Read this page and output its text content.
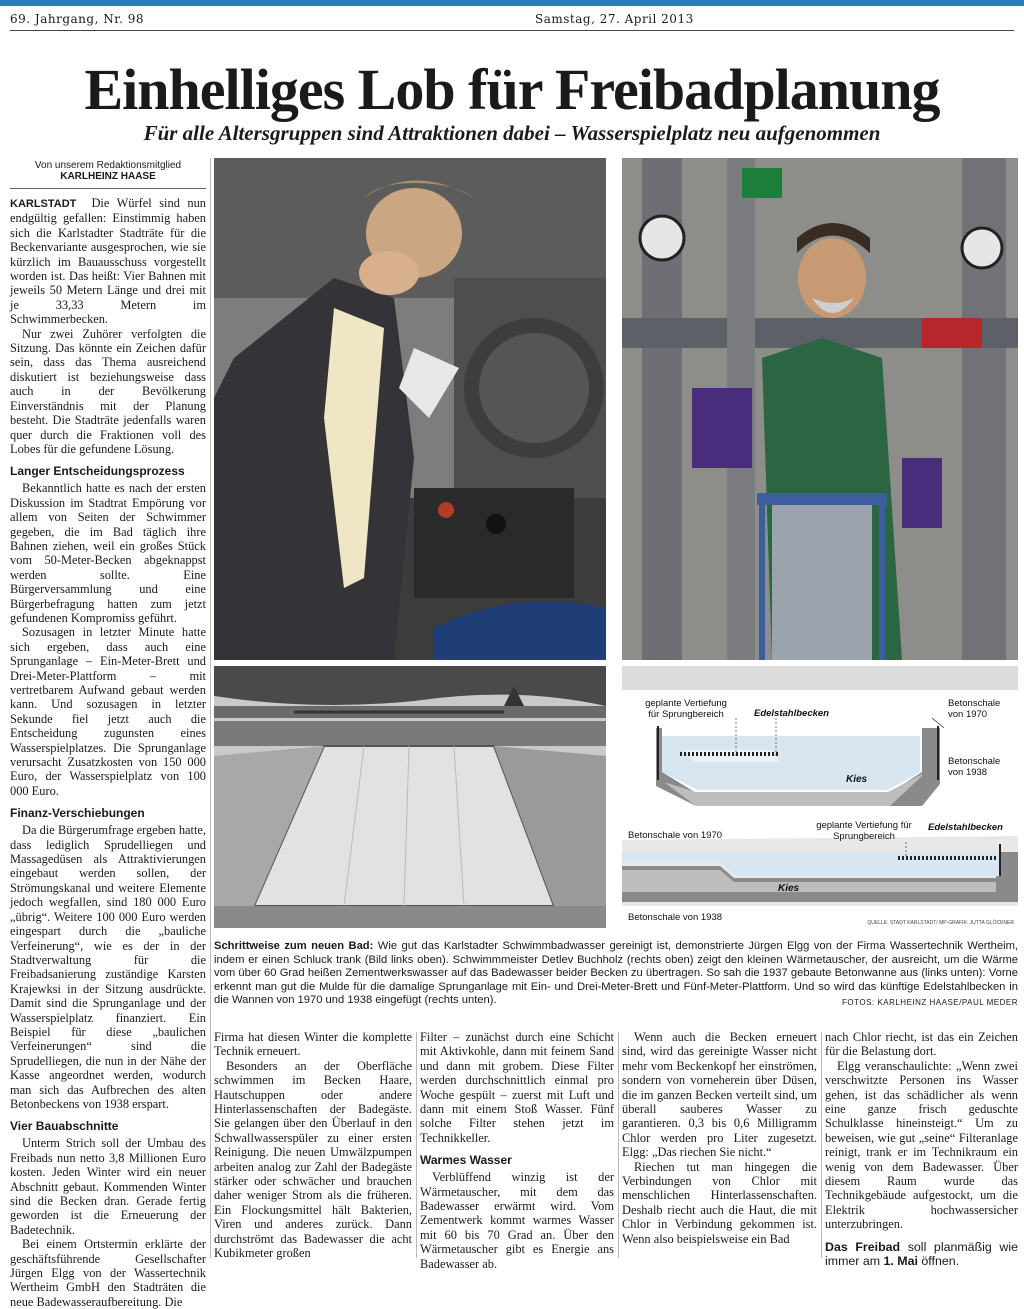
69. Jahrgang, Nr. 98	Samstag, 27. April 2013
Einhelliges Lob für Freibadplanung
Für alle Altersgruppen sind Attraktionen dabei – Wasserspielplatz neu aufgenommen
Von unserem Redaktionsmitglied
KARLHEINZ HAASE

KARLSTADT Die Würfel sind nun endgültig gefallen: Einstimmig haben sich die Karlstadter Stadträte für die Beckenvariante ausgesprochen, wie sie kürzlich im Bauausschuss vorgestellt worden ist. Das heißt: Vier Bahnen mit jeweils 50 Metern Länge und drei mit je 33,33 Metern im Schwimmerbecken.

Nur zwei Zuhörer verfolgten die Sitzung. Das könnte ein Zeichen dafür sein, dass das Thema ausreichend diskutiert ist beziehungsweise dass auch in der Bevölkerung Einverständnis mit der Planung besteht. Die Stadträte jedenfalls waren quer durch die Fraktionen voll des Lobes für die gefundene Lösung.

Langer Entscheidungsprozess

Bekanntlich hatte es nach der ersten Diskussion im Stadtrat Empörung vor allem von Seiten der Schwimmer gegeben, die im Bad täglich ihre Bahnen ziehen, weil ein großes Stück vom 50-Meter-Becken abgeknappst werden sollte. Eine Bürgerversammlung und eine Bürgerbefragung hatten zum jetzt gefundenen Kompromiss geführt.

Sozusagen in letzter Minute hatte sich ergeben, dass auch eine Sprunganlage – Ein-Meter-Brett und Drei-Meter-Plattform – mit vertretbarem Aufwand gebaut werden kann. Und sozusagen in letzter Sekunde fiel jetzt auch die Entscheidung zugunsten eines Wasserspielplatzes. Die Sprunganlage verursacht Zusatzkosten von 150 000 Euro, der Wasserspielplatz von 100 000 Euro.

Finanz-Verschiebungen

Da die Bürgerumfrage ergeben hatte, dass lediglich Sprudelliegen und Massagedüsen als Attraktivierungen eingebaut werden sollen, der Strömungskanal und weitere Elemente jedoch wegfallen, sind 180 000 Euro „übrig“. Weitere 100 000 Euro werden eingespart durch die „bauliche Verfeinerung“, wie es der in der Stadtverwaltung für die Freibadsanierung zuständige Karsten Krajewksi in der Sitzung ausdrückte. Damit sind die Sprunganlage und der Wasserspielplatz finanziert. Ein Beispiel für diese „baulichen Verfeinerungen“ sind die Sprudelliegen, die nun in der Nähe der Kasse angeordnet werden, wodurch man sich das Aufbrechen des alten Betonbeckens von 1938 erspart.

Vier Bauabschnitte

Unterm Strich soll der Umbau des Freibads nun netto 3,8 Millionen Euro kosten. Jeden Winter wird ein neuer Abschnitt gebaut. Kommenden Winter sind die Becken dran. Gerade fertig geworden ist die Erneuerung der Badetechnik.

Bei einem Ortstermin erklärte der geschäftsführende Gesellschafter Jürgen Elgg von der Wassertechnik Wertheim GmbH den Stadträten die neue Badewasseraufbereitung. Die

geplante Vertiefung für Sprungbereich	Edelstahlbecken
Betonschale von 1970
Betonschale von 1938
Kies
Betonschale von 1970
geplante Vertiefung für Sprungbereich
Edelstahlbecken
Kies
Betonschale von 1938	QUELLE: STADT KARLSTADT/ MP-GRAFIK: JUTTA GLÖCKNER
Schrittweise zum neuen Bad: Wie gut das Karlstadter Schwimmbadwasser gereinigt ist, demonstrierte Jürgen Elgg von der Firma Wassertechnik Wertheim, indem er einen Schluck trank (Bild links oben). Schwimmmeister Detlev Buchholz (rechts oben) zeigt den kleinen Wärmetauscher, der ausreicht, um die Wärme vom über 60 Grad heißen Zementwerkswasser auf das Badewasser beider Becken zu übertragen. So sah die 1937 gebaute Betonwanne aus (links unten): Vorne erkennt man gut die Mulde für die damalige Sprunganlage mit Ein- und Drei-Meter-Brett und Fünf-Meter-Plattform. Und so wird das künftige Edelstahlbecken in die Wannen von 1970 und 1938 eingefügt (rechts unten).	FOTOS: KARLHEINZ HAASE/PAUL MEDER

Firma hat diesen Winter die komplette Technik erneuert.

Besonders an der Oberfläche schwimmen im Becken Haare, Hautschuppen oder andere Hinterlassenschaften der Badegäste. Sie gelangen über den Überlauf in den Schwallwasserspüler zu einer ersten Reinigung. Die neuen Umwälzpumpen arbeiten analog zur Zahl der Badegäste stärker oder schwächer und brauchen daher weniger Strom als die früheren. Ein Flockungsmittel hält Bakterien, Viren und anderes zurück. Dann durchströmt das Badewasser die acht Kubikmeter großen

Filter – zunächst durch eine Schicht mit Aktivkohle, dann mit feinem Sand und dann mit grobem. Diese Filter werden durchschnittlich einmal pro Woche gespült – zuerst mit Luft und dann mit einem Stoß Wasser. Fünf solche Filter stehen jetzt im Technikkeller.

Warmes Wasser

Verblüffend winzig ist der Wärmetauscher, mit dem das Badewasser erwärmt wird. Vom Zementwerk kommt warmes Wasser mit 60 bis 70 Grad an. Über den Wärmetauscher gibt es Energie ans Badewasser ab.

Wenn auch die Becken erneuert sind, wird das gereinigte Wasser nicht mehr vom Beckenkopf her einströmen, sondern von vorneherein über Düsen, die im ganzen Becken verteilt sind, um überall sauberes Wasser zu garantieren. 0,3 bis 0,6 Milligramm Chlor werden pro Liter zugesetzt. Elgg: „Das riechen Sie nicht.“

Riechen tut man hingegen die Verbindungen von Chlor mit menschlichen Hinterlassenschaften. Deshalb riecht auch die Haut, die mit Chlor in Verbindung gekommen ist. Wenn also beispielsweise ein Bad

nach Chlor riecht, ist das ein Zeichen für die Belastung dort.

Elgg veranschaulichte: „Wenn zwei verschwitzte Personen ins Wasser gehen, ist das schädlicher als wenn eine ganze frisch geduschte Schulklasse hineinsteigt.“ Um zu beweisen, wie gut „seine“ Filteranlage reinigt, trank er im Technikraum ein wenig von dem Badewasser. Über diesem Raum wurde das Technikgebäude aufgestockt, um die Elektrik hochwassersicher unterzubringen.

Das Freibad soll planmäßig wie immer am 1. Mai öffnen.
